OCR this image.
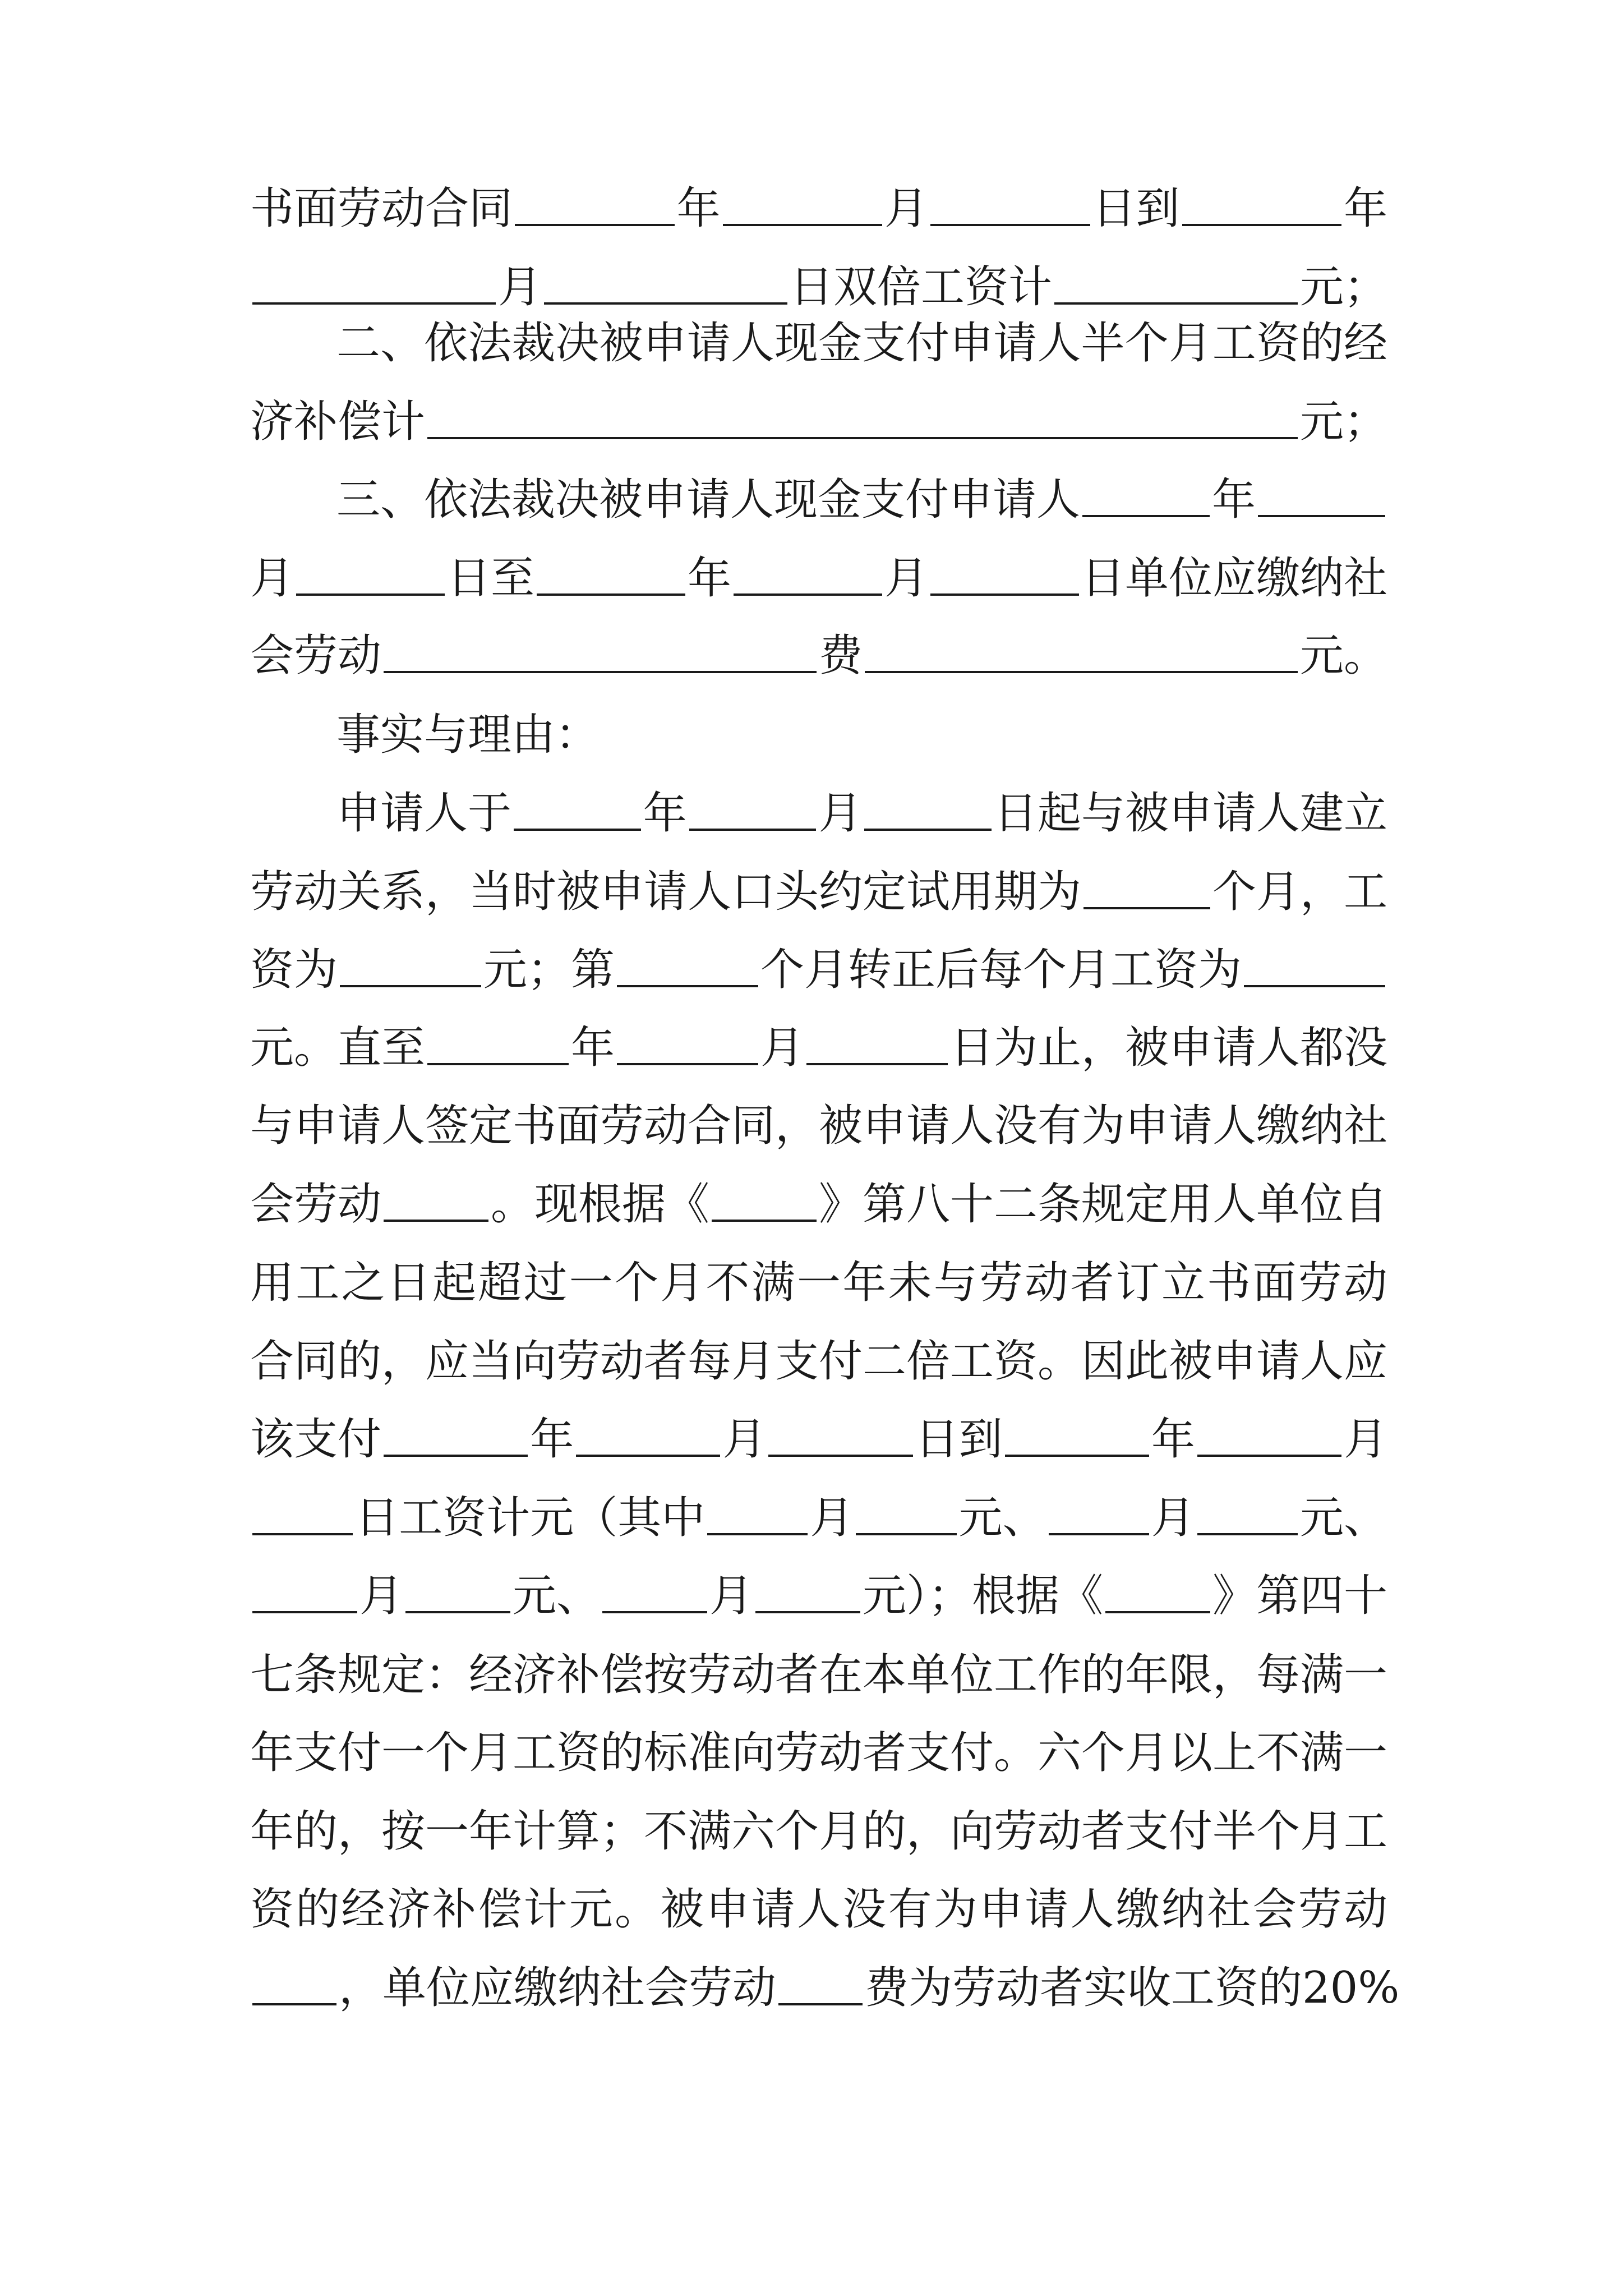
书面劳动合同	年	月	日到	年
月	日双倍工资计	元；
二、依法裁决被申请人现金支付申请人半个月工资的经
济补偿计	元；
三、依法裁决被申请人现金支付申请人	年
月	日至	年	月	日单位应缴纳社
会劳动	费	元。
事实与理由：
申请人于	年	月	日起与被申请人建立
劳动关系，当时被申请人口头约定试用期为	个月，工
资为	元；第	个月转正后每个月工资为
元。直至	年	月	日为止，被申请人都没
与申请人签定书面劳动合同，被申请人没有为申请人缴纳社
会劳动 。现根据《 》第八十二条规定用人单位自
用工之日起超过一个月不满一年未与劳动者订立书面劳动
合同的，应当向劳动者每月支付二倍工资。因此被申请人应
该支付	年	月	日到	年	月
日工资计元（其中 月 元、 月 元、
月 元、 月 元）；根据《 》第四十
七条规定：经济补偿按劳动者在本单位工作的年限，每满一
年支付一个月工资的标准向劳动者支付。六个月以上不满一
年的，按一年计算；不满六个月的，向劳动者支付半个月工
资的经济补偿计元。被申请人没有为申请人缴纳社会劳动
，单位应缴纳社会劳动 费为劳动者实收工资的20%
